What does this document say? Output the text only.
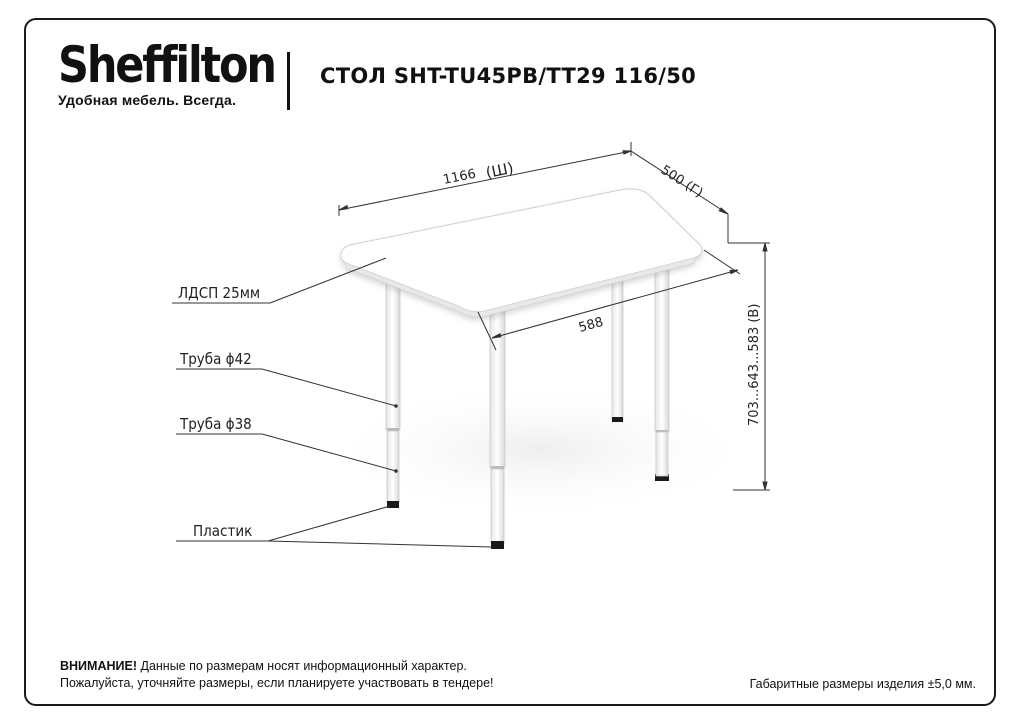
Sheffilton
Удобная мебель. Всегда.
СТОЛ SHT-TU45PB/TT29 116/50
1166 (Ш)	500 (Г)
588	703...643...583 (В)
ЛДСП 25мм
Труба ϕ42
Труба ϕ38
Пластик
ВНИМАНИЕ! Данные по размерам носят информационный характер.
Пожалуйста, уточняйте размеры, если планируете участвовать в тендере!	Габаритные размеры изделия ±5,0 мм.
